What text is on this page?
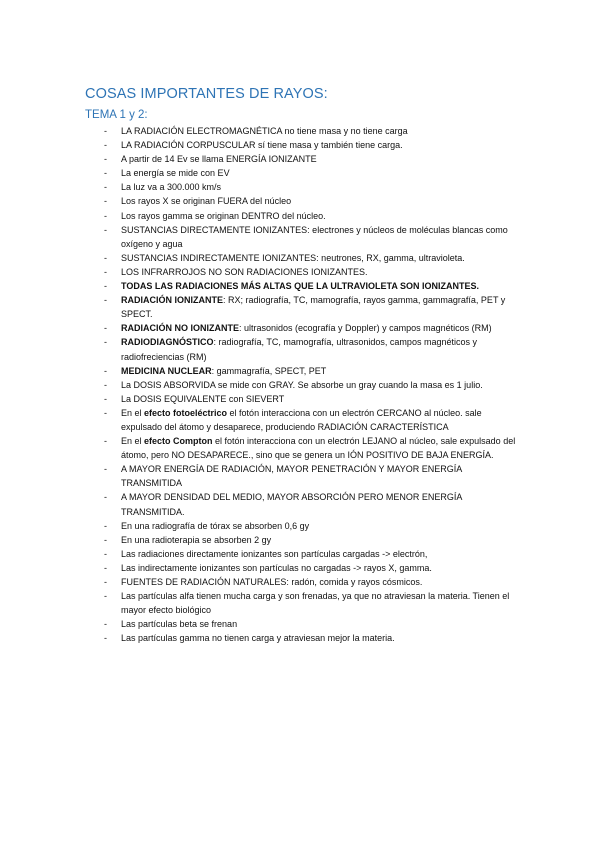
COSAS IMPORTANTES DE RAYOS:
TEMA 1 y 2:
- LA RADIACIÓN ELECTROMAGNÉTICA no tiene masa y no tiene carga
- LA RADIACIÓN CORPUSCULAR sí tiene masa y también tiene carga.
- A partir de 14 Ev se llama ENERGÍA IONIZANTE
- La energía se mide con EV
- La luz va a 300.000 km/s
- Los rayos X se originan FUERA del núcleo
- Los rayos gamma se originan DENTRO del núcleo.
- SUSTANCIAS DIRECTAMENTE IONIZANTES: electrones y núcleos de moléculas blancas como oxígeno y agua
- SUSTANCIAS INDIRECTAMENTE IONIZANTES: neutrones, RX, gamma, ultravioleta.
- LOS INFRARROJOS NO SON RADIACIONES IONIZANTES.
- TODAS LAS RADIACIONES MÁS ALTAS QUE LA ULTRAVIOLETA SON IONIZANTES.
- RADIACIÓN IONIZANTE: RX; radiografía, TC, mamografía, rayos gamma, gammagrafía, PET y SPECT.
- RADIACIÓN NO IONIZANTE: ultrasonidos (ecografía y Doppler) y campos magnéticos (RM)
- RADIODIAGNÓSTICO: radiografía, TC, mamografía, ultrasonidos, campos magnéticos y radiofreciencias (RM)
- MEDICINA NUCLEAR: gammagrafía, SPECT, PET
- La DOSIS ABSORVIDA se mide con GRAY. Se absorbe un gray cuando la masa es 1 julio.
- La DOSIS EQUIVALENTE con SIEVERT
- En el efecto fotoeléctrico el fotón interacciona con un electrón CERCANO al núcleo. sale expulsado del átomo y desaparece, produciendo RADIACIÓN CARACTERÍSTICA
- En el efecto Compton el fotón interacciona con un electrón LEJANO al núcleo, sale expulsado del átomo, pero NO DESAPARECE., sino que se genera un IÓN POSITIVO DE BAJA ENERGÍA.
- A MAYOR ENERGÍA DE RADIACIÓN, MAYOR PENETRACIÓN Y MAYOR ENERGÍA TRANSMITIDA
- A MAYOR DENSIDAD DEL MEDIO, MAYOR ABSORCIÓN PERO MENOR ENERGÍA TRANSMITIDA.
- En una radiografía de tórax se absorben 0,6 gy
- En una radioterapia se absorben 2 gy
- Las radiaciones directamente ionizantes son partículas cargadas -> electrón,
- Las indirectamente ionizantes son partículas no cargadas -> rayos X, gamma.
- FUENTES DE RADIACIÓN NATURALES: radón, comida y rayos cósmicos.
- Las partículas alfa tienen mucha carga y son frenadas, ya que no atraviesan la materia. Tienen el mayor efecto biológico
- Las partículas beta se frenan
- Las partículas gamma no tienen carga y atraviesan mejor la materia.
